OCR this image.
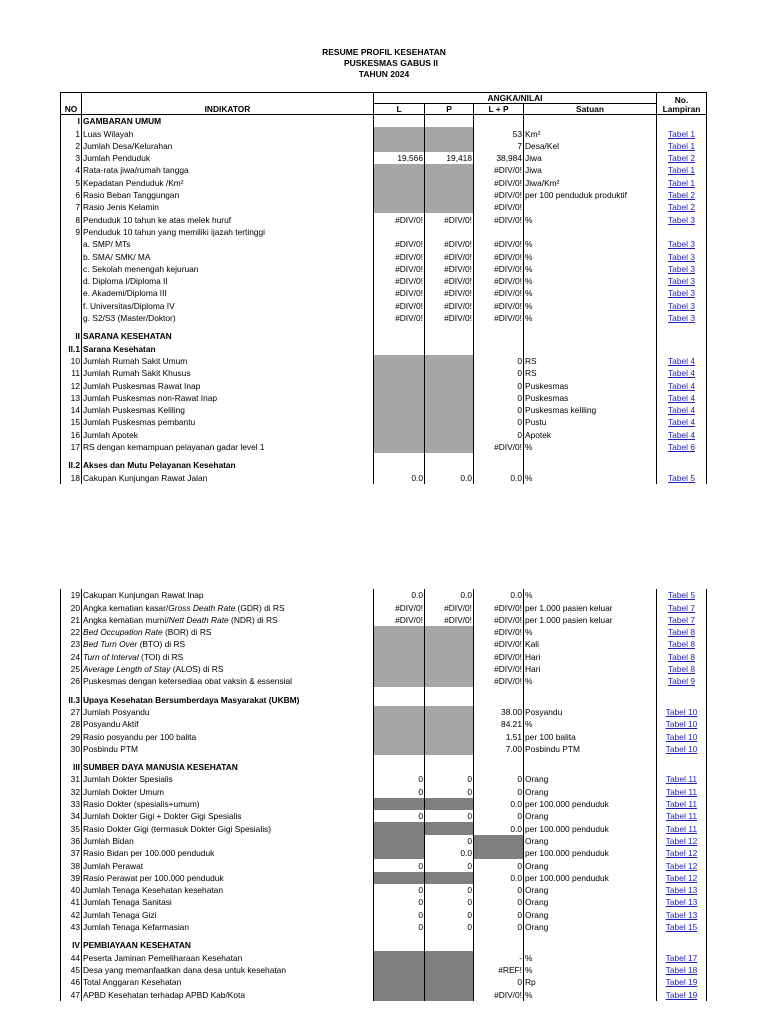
RESUME PROFIL KESEHATAN
PUSKESMAS GABUS II
TAHUN 2024
NO	INDIKATOR	ANGKA/NILAI				No.
Lampiran
		L	P	L + P	Satuan	
I	GAMBARAN UMUM					
1	Luas Wilayah			53	Km²	Tabel 1
2	Jumlah Desa/Kelurahan			7	Desa/Kel	Tabel 1
3	Jumlah Penduduk	19,566	19,418	38,984	Jiwa	Tabel 2
4	Rata-rata jiwa/rumah tangga			#DIV/0!	Jiwa	Tabel 1
5	Kepadatan Penduduk /Km²			#DIV/0!	Jiwa/Km²	Tabel 1
6	Rasio Beban Tanggungan			#DIV/0!	per 100 penduduk produktif	Tabel 2
7	Rasio Jenis Kelamin			#DIV/0!		Tabel 2
8	Penduduk 10 tahun ke atas melek huruf	#DIV/0!	#DIV/0!	#DIV/0!	%	Tabel 3
9	Penduduk 10 tahun yang memiliki ijazah tertinggi					
	a. SMP/ MTs	#DIV/0!	#DIV/0!	#DIV/0!	%	Tabel 3
	b. SMA/ SMK/ MA	#DIV/0!	#DIV/0!	#DIV/0!	%	Tabel 3
	c. Sekolah menengah kejuruan	#DIV/0!	#DIV/0!	#DIV/0!	%	Tabel 3
	d. Diploma I/Diploma II	#DIV/0!	#DIV/0!	#DIV/0!	%	Tabel 3
	e. Akademi/Diploma III	#DIV/0!	#DIV/0!	#DIV/0!	%	Tabel 3
	f. Universitas/Diploma IV	#DIV/0!	#DIV/0!	#DIV/0!	%	Tabel 3
	g. S2/S3 (Master/Doktor)	#DIV/0!	#DIV/0!	#DIV/0!	%	Tabel 3

II	SARANA KESEHATAN					
II.1	Sarana Kesehatan					
10	Jumlah Rumah Sakit Umum			0	RS	Tabel 4
11	Jumlah Rumah Sakit Khusus			0	RS	Tabel 4
12	Jumlah Puskesmas Rawat Inap			0	Puskesmas	Tabel 4
13	Jumlah Puskesmas non-Rawat Inap			0	Puskesmas	Tabel 4
14	Jumlah Puskesmas Keliling			0	Puskesmas keliling	Tabel 4
15	Jumlah Puskesmas pembantu			0	Pustu	Tabel 4
16	Jumlah Apotek			0	Apotek	Tabel 4
17	RS dengan kemampuan pelayanan gadar level 1			#DIV/0!	%	Tabel 6

II.2	Akses dan Mutu Pelayanan Kesehatan					
18	Cakupan Kunjungan Rawat Jalan	0.0	0.0	0.0	%	Tabel 5
19	Cakupan Kunjungan Rawat Inap	0.0	0.0	0.0	%	Tabel 5
20	Angka kematian kasar/Gross Death Rate (GDR) di RS	#DIV/0!	#DIV/0!	#DIV/0!	per 1.000 pasien keluar	Tabel 7
21	Angka kematian murni/Nett Death Rate (NDR) di RS	#DIV/0!	#DIV/0!	#DIV/0!	per 1.000 pasien keluar	Tabel 7
22	Bed Occupation Rate (BOR) di RS			#DIV/0!	%	Tabel 8
23	Bed Turn Over (BTO) di RS			#DIV/0!	Kali	Tabel 8
24	Turn of Interval (TOI) di RS			#DIV/0!	Hari	Tabel 8
25	Average Length of Stay (ALOS) di RS			#DIV/0!	Hari	Tabel 8
26	Puskesmas dengan ketersediaa obat vaksin & essensial			#DIV/0!	%	Tabel 9

II.3	Upaya Kesehatan Bersumberdaya Masyarakat (UKBM)					
27	Jumlah Posyandu			38.00	Posyandu	Tabel 10
28	Posyandu Aktif			84.21	%	Tabel 10
29	Rasio posyandu per 100 balita			1.51	per 100 balita	Tabel 10
30	Posbindu PTM			7.00	Posbindu PTM	Tabel 10

III	SUMBER DAYA MANUSIA KESEHATAN					
31	Jumlah Dokter Spesialis	0	0	0	Orang	Tabel 11
32	Jumlah Dokter Umum	0	0	0	Orang	Tabel 11
33	Rasio Dokter (spesialis+umum)			0.0	per 100.000 penduduk	Tabel 11
34	Jumlah Dokter Gigi + Dokter Gigi Spesialis	0	0	0	Orang	Tabel 11
35	Rasio Dokter Gigi (termasuk Dokter Gigi Spesialis)			0.0	per 100.000 penduduk	Tabel 11
36	Jumlah Bidan		0		Orang	Tabel 12
37	Rasio Bidan per 100.000 penduduk		0.0		per 100.000 penduduk	Tabel 12
38	Jumlah Perawat	0	0	0	Orang	Tabel 12
39	Rasio Perawat per 100.000 penduduk			0.0	per 100.000 penduduk	Tabel 12
40	Jumlah Tenaga Kesehatan kesehatan	0	0	0	Orang	Tabel 13
41	Jumlah Tenaga Sanitasi	0	0	0	Orang	Tabel 13
42	Jumlah Tenaga Gizi	0	0	0	Orang	Tabel 13
43	Jumlah Tenaga Kefarmasian	0	0	0	Orang	Tabel 15

IV	PEMBIAYAAN KESEHATAN					
44	Peserta Jaminan Pemeliharaan Kesehatan			-	%	Tabel 17
45	Desa yang memanfaatkan dana desa untuk kesehatan			#REF!	%	Tabel 18
46	Total Anggaran Kesehatan			0	Rp	Tabel 19
47	APBD Kesehatan terhadap APBD Kab/Kota			#DIV/0!	%	Tabel 19
